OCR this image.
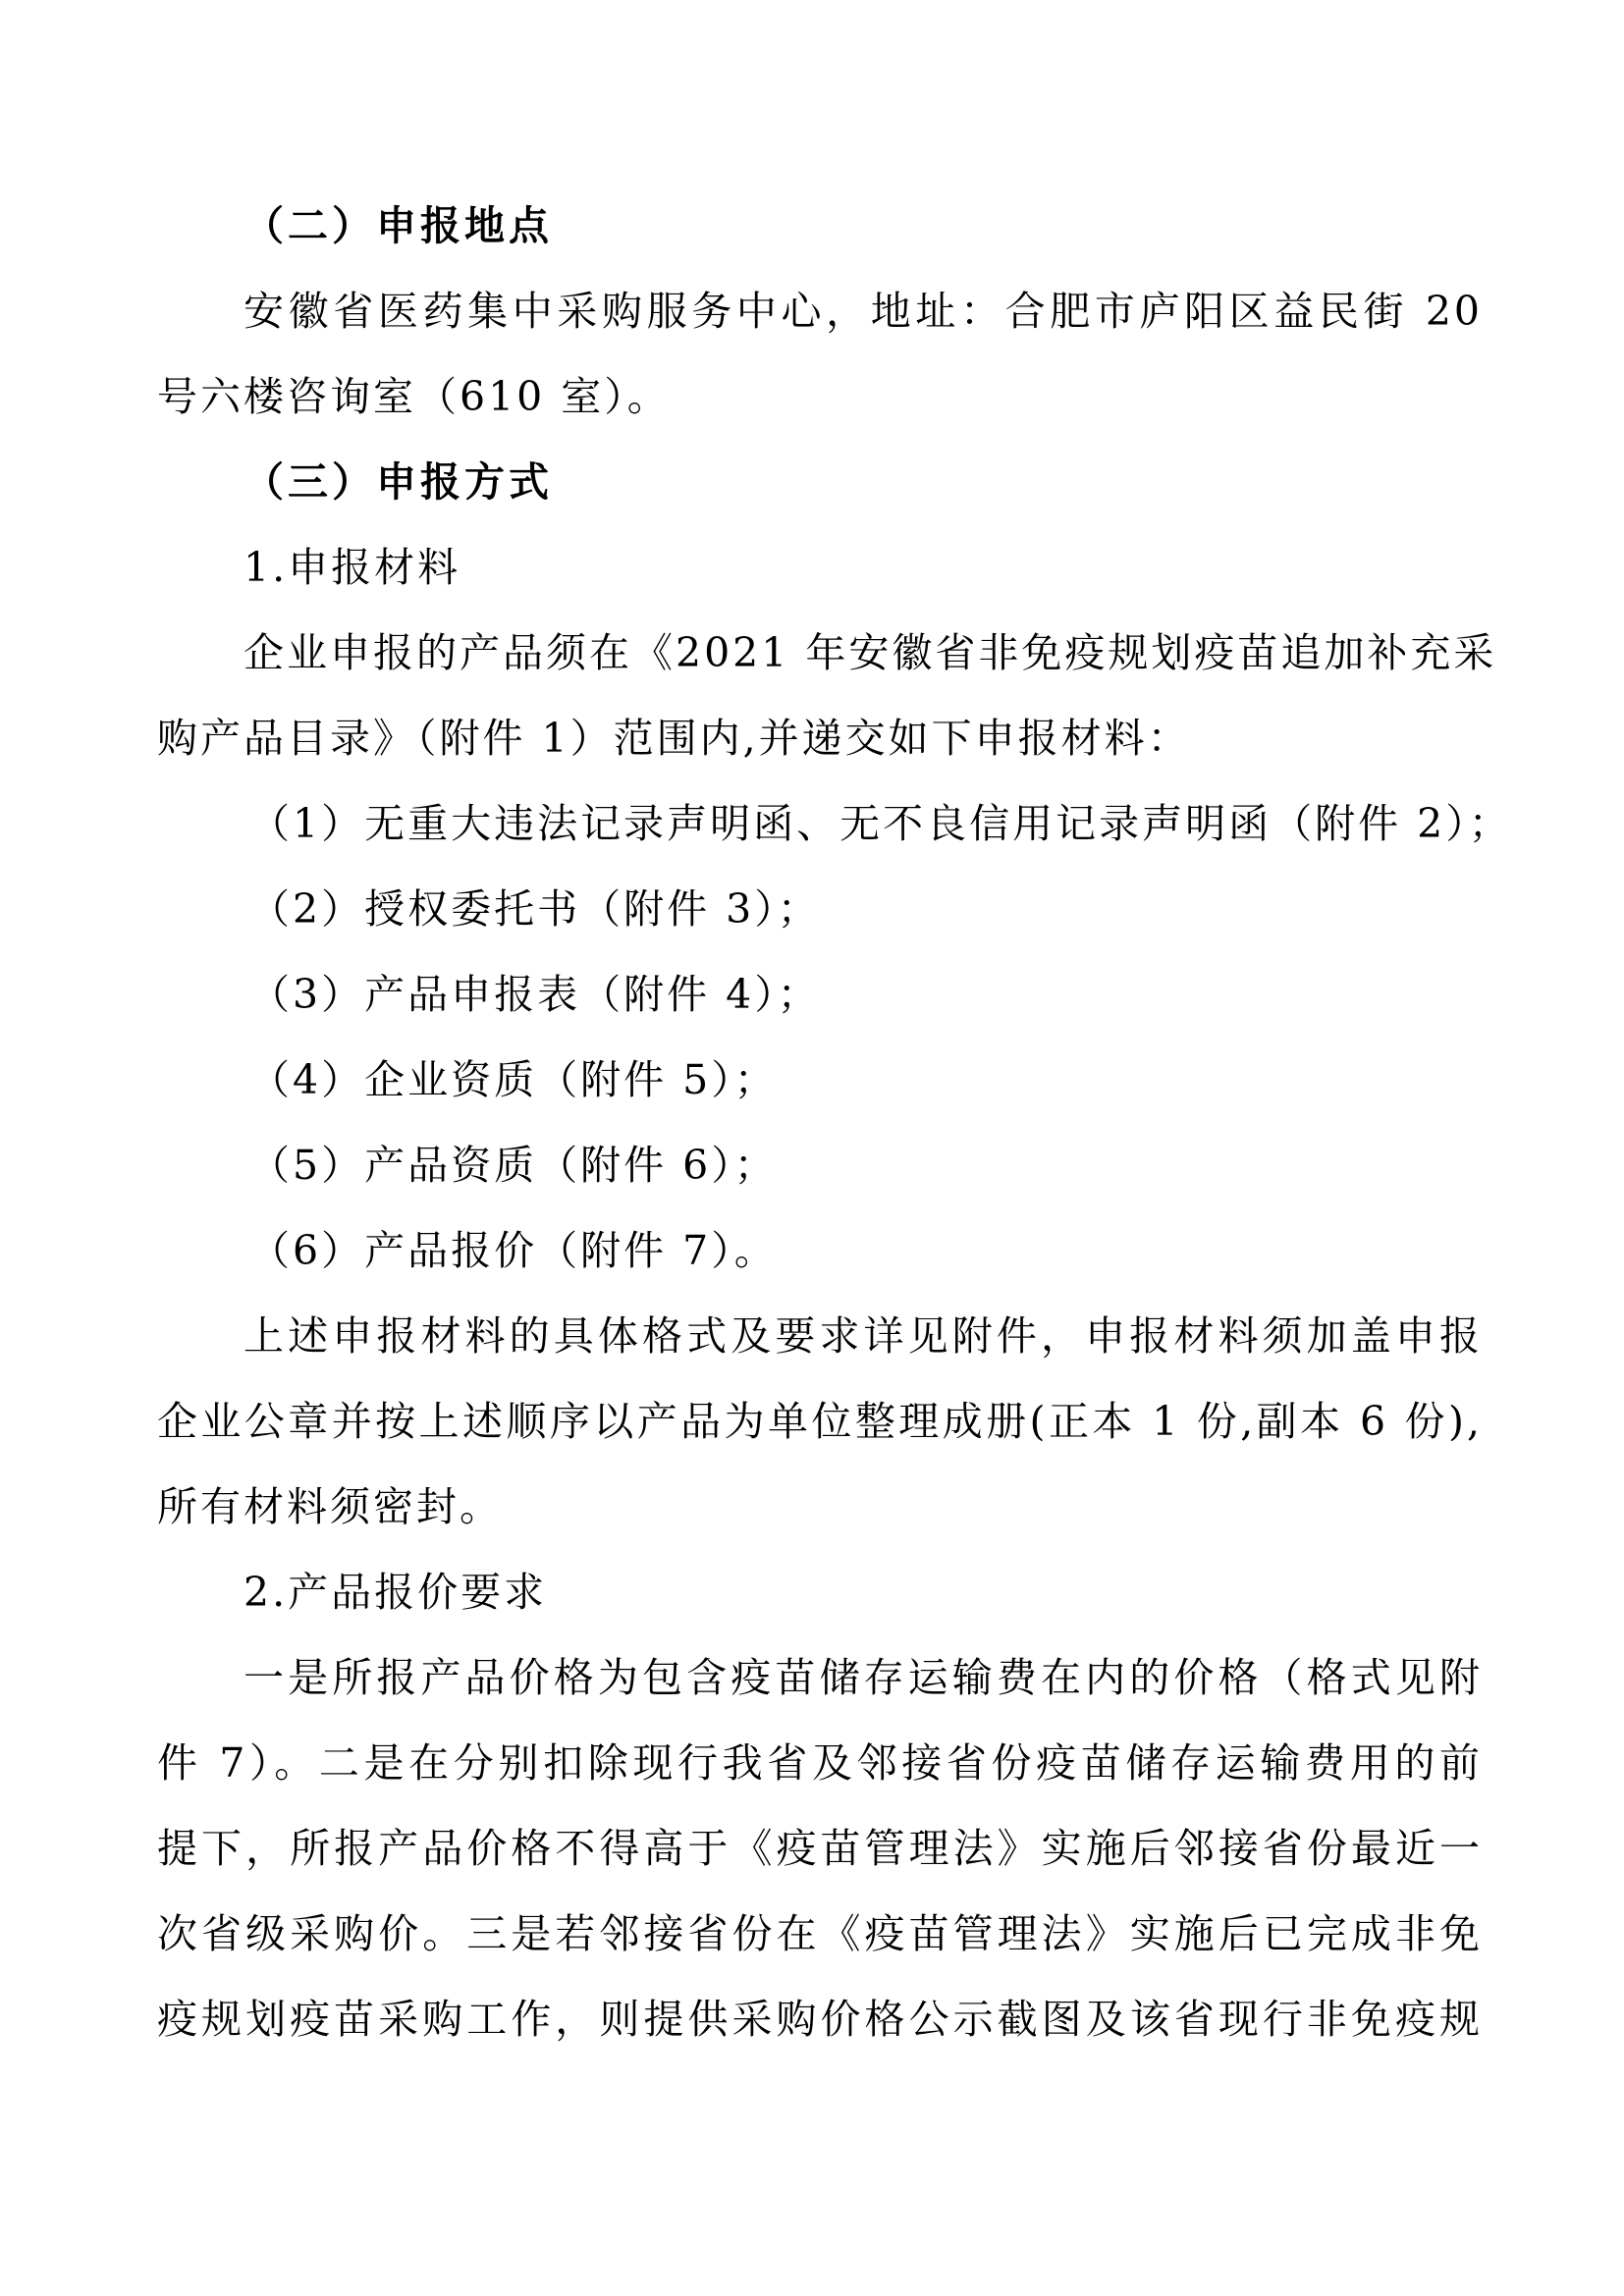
（二）申报地点
安徽省医药集中采购服务中心，地址：合肥市庐阳区益民街 20
号六楼咨询室（610 室）。
（三）申报方式
1.申报材料
企业申报的产品须在《2021 年安徽省非免疫规划疫苗追加补充采
购产品目录》（附件 1）范围内,并递交如下申报材料：
（1）无重大违法记录声明函、无不良信用记录声明函（附件 2）；
（2）授权委托书（附件 3）；
（3）产品申报表（附件 4）；
（4）企业资质（附件 5）；
（5）产品资质（附件 6）；
（6）产品报价（附件 7）。
上述申报材料的具体格式及要求详见附件，申报材料须加盖申报
企业公章并按上述顺序以产品为单位整理成册(正本 1 份,副本 6 份),
所有材料须密封。
2.产品报价要求
一是所报产品价格为包含疫苗储存运输费在内的价格（格式见附
件 7）。二是在分别扣除现行我省及邻接省份疫苗储存运输费用的前
提下，所报产品价格不得高于《疫苗管理法》实施后邻接省份最近一
次省级采购价。三是若邻接省份在《疫苗管理法》实施后已完成非免
疫规划疫苗采购工作，则提供采购价格公示截图及该省现行非免疫规
